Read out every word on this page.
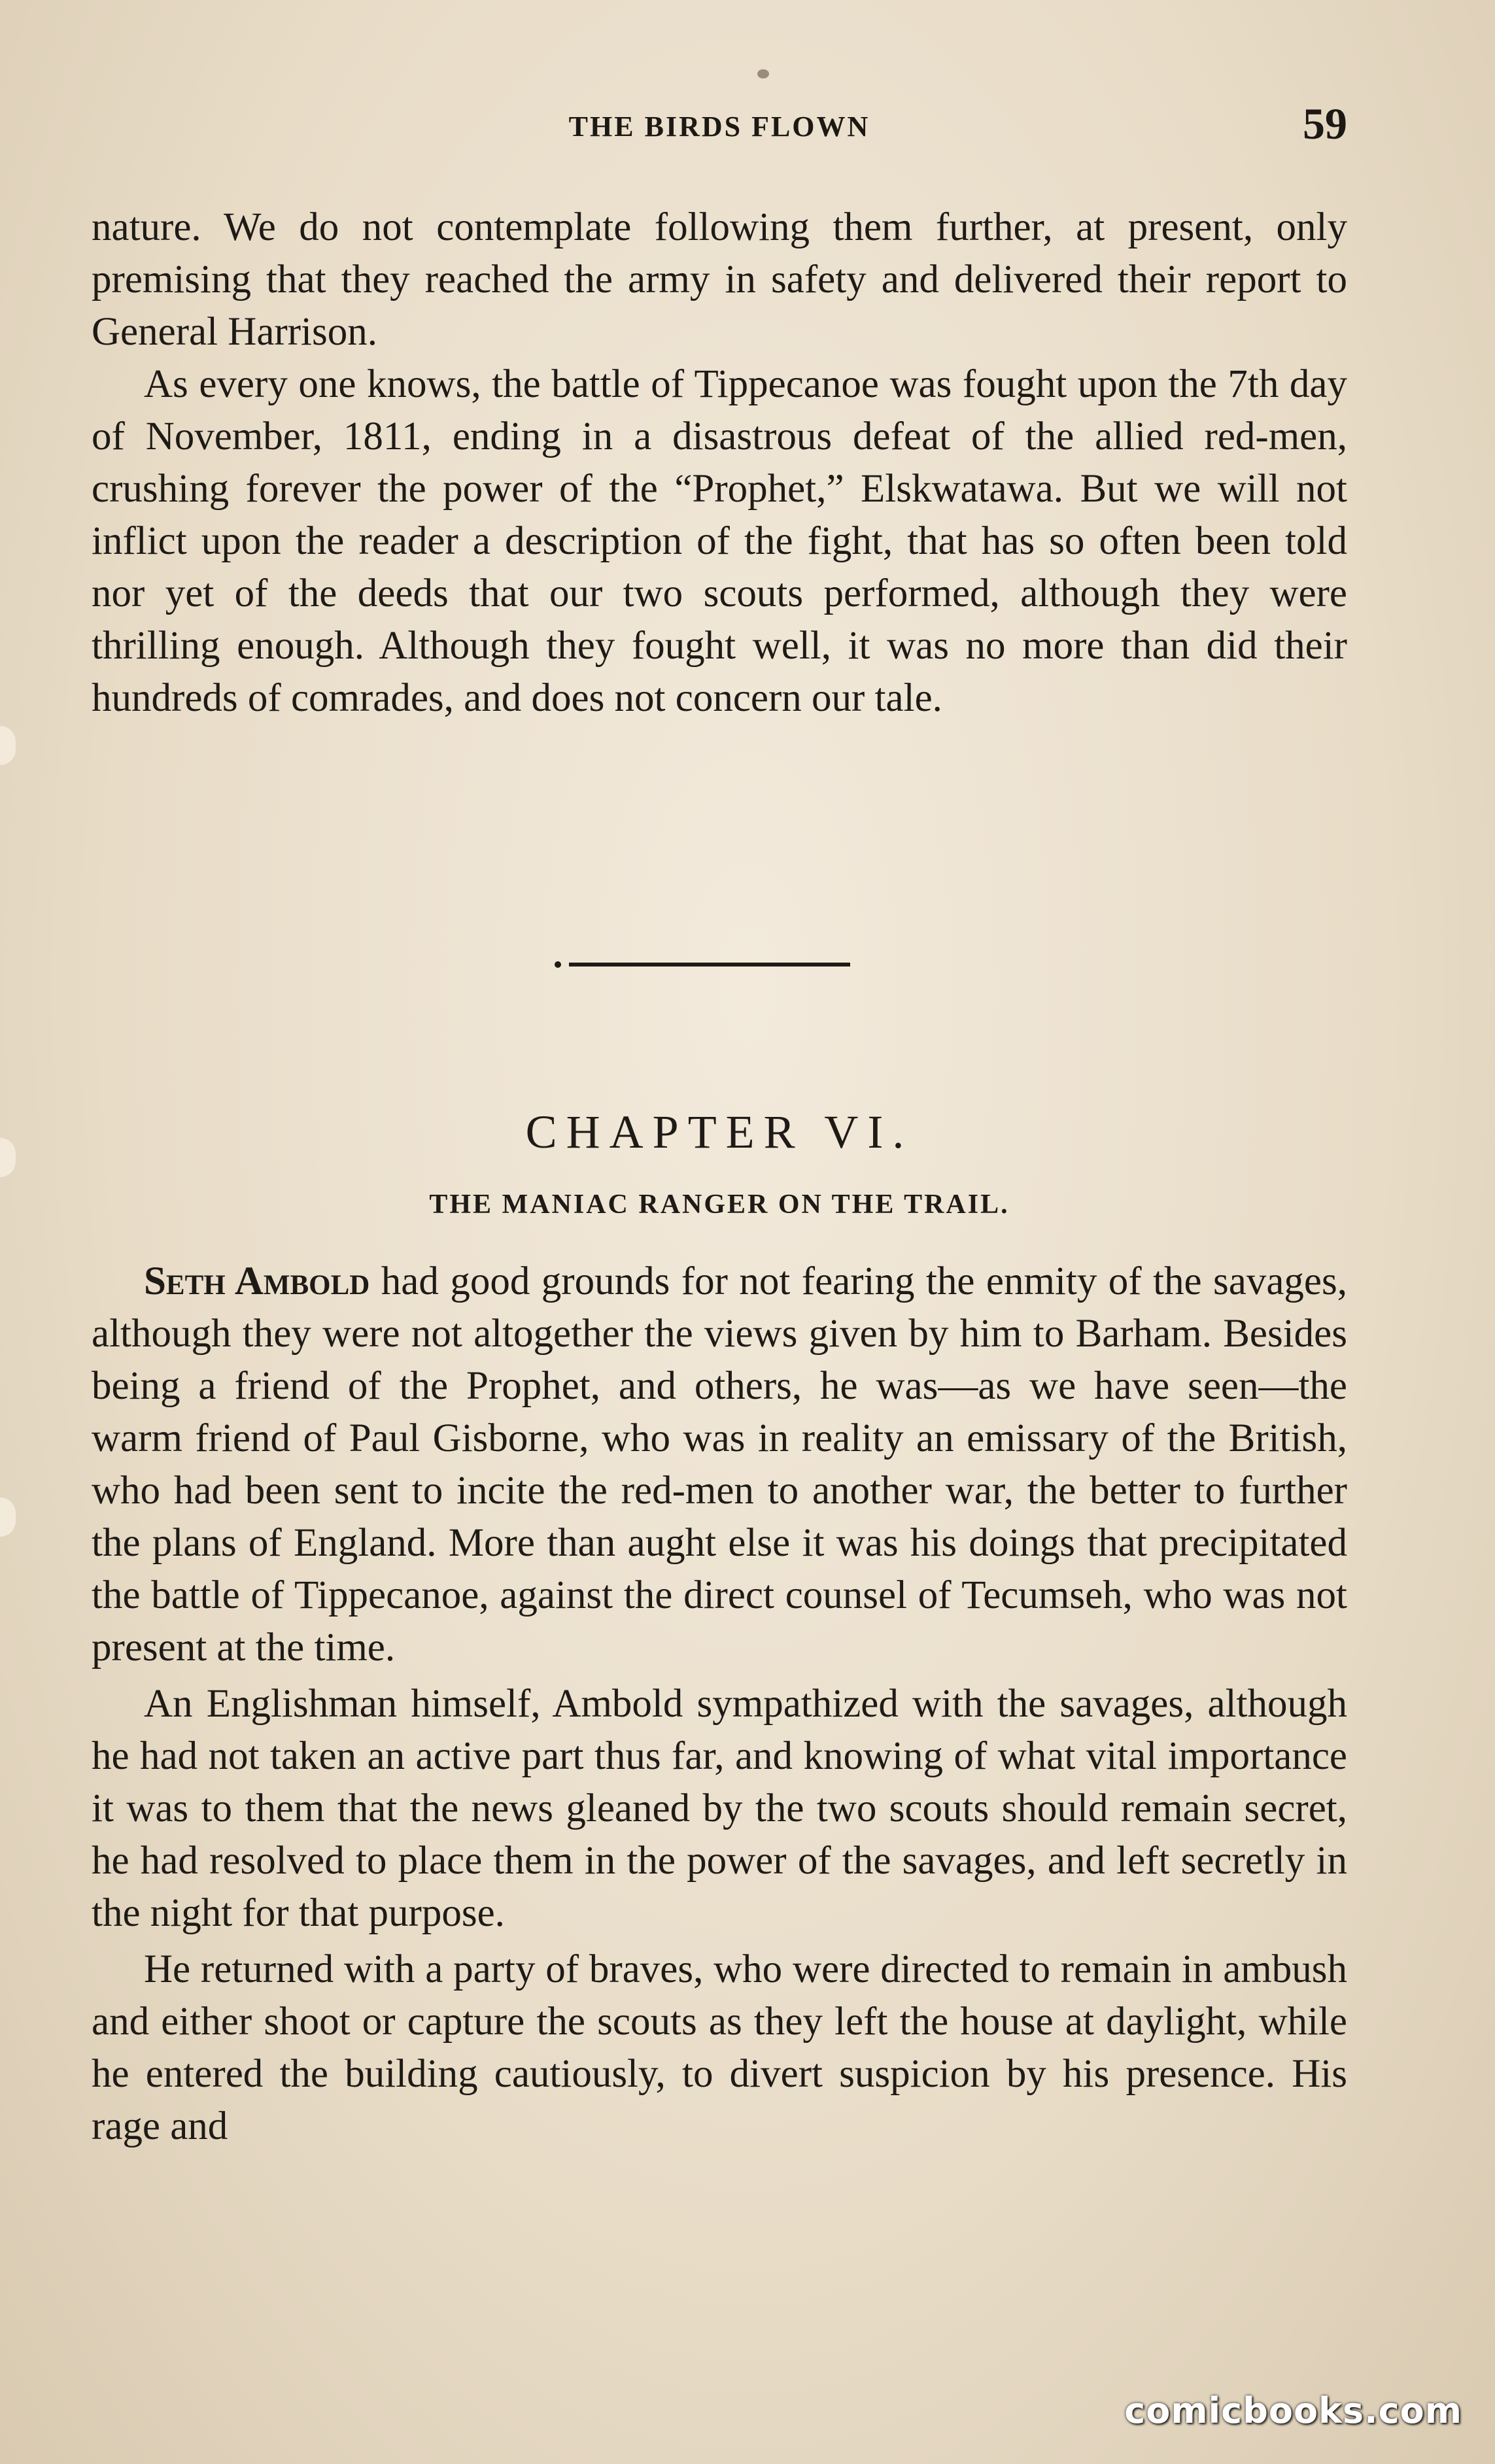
THE BIRDS FLOWN	59

nature. We do not contemplate following them further, at present, only premising that they reached the army in safety and delivered their report to General Harrison.

As every one knows, the battle of Tippecanoe was fought upon the 7th day of November, 1811, ending in a disastrous defeat of the allied red-men, crushing forever the power of the “Prophet,” Elskwatawa. But we will not inflict upon the reader a description of the fight, that has so often been told nor yet of the deeds that our two scouts performed, although they were thrilling enough. Although they fought well, it was no more than did their hundreds of comrades, and does not concern our tale.

CHAPTER VI.
THE MANIAC RANGER ON THE TRAIL.

Seth Ambold had good grounds for not fearing the enmity of the savages, although they were not altogether the views given by him to Barham. Besides being a friend of the Prophet, and others, he was—as we have seen—the warm friend of Paul Gisborne, who was in reality an emissary of the British, who had been sent to incite the red-men to another war, the better to further the plans of England. More than aught else it was his doings that precipitated the battle of Tippecanoe, against the direct counsel of Tecumseh, who was not present at the time.

An Englishman himself, Ambold sympathized with the savages, although he had not taken an active part thus far, and knowing of what vital importance it was to them that the news gleaned by the two scouts should remain secret, he had resolved to place them in the power of the savages, and left secretly in the night for that purpose.

He returned with a party of braves, who were directed to remain in ambush and either shoot or capture the scouts as they left the house at daylight, while he entered the building cautiously, to divert suspicion by his presence. His rage and

comicbooks.com
